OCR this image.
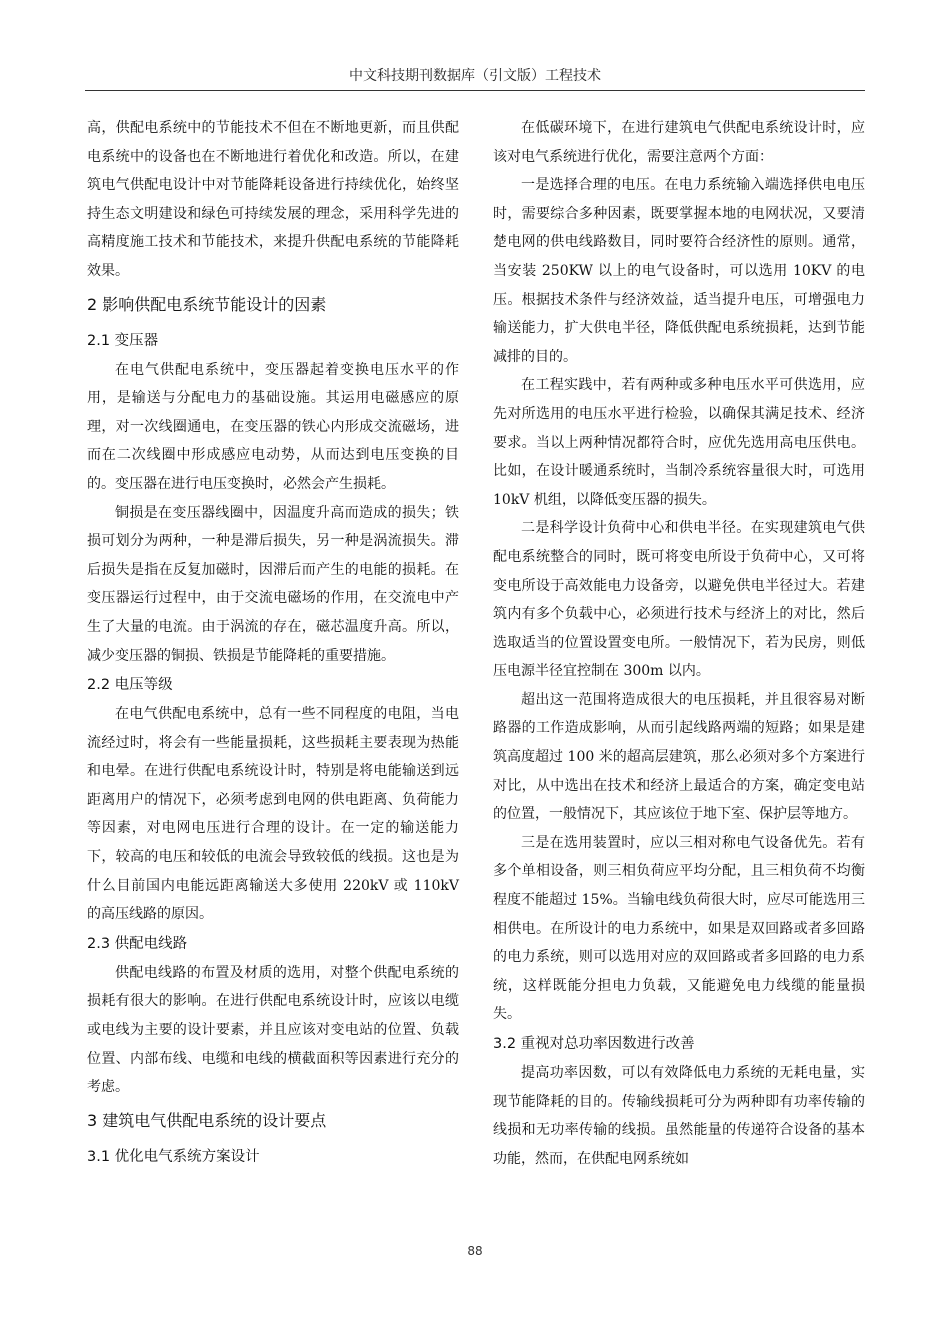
中文科技期刊数据库（引文版）工程技术

高，供配电系统中的节能技术不但在不断地更新，而且供配电系统中的设备也在不断地进行着优化和改造。所以，在建筑电气供配电设计中对节能降耗设备进行持续优化，始终坚持生态文明建设和绿色可持续发展的理念，采用科学先进的高精度施工技术和节能技术，来提升供配电系统的节能降耗效果。

2 影响供配电系统节能设计的因素
2.1 变压器

在电气供配电系统中，变压器起着变换电压水平的作用，是输送与分配电力的基础设施。其运用电磁感应的原理，对一次线圈通电，在变压器的铁心内形成交流磁场，进而在二次线圈中形成感应电动势，从而达到电压变换的目的。变压器在进行电压变换时，必然会产生损耗。

铜损是在变压器线圈中，因温度升高而造成的损失；铁损可划分为两种，一种是滞后损失，另一种是涡流损失。滞后损失是指在反复加磁时，因滞后而产生的电能的损耗。在变压器运行过程中，由于交流电磁场的作用，在交流电中产生了大量的电流。由于涡流的存在，磁芯温度升高。所以，减少变压器的铜损、铁损是节能降耗的重要措施。

2.2 电压等级

在电气供配电系统中，总有一些不同程度的电阻，当电流经过时，将会有一些能量损耗，这些损耗主要表现为热能和电晕。在进行供配电系统设计时，特别是将电能输送到远距离用户的情况下，必须考虑到电网的供电距离、负荷能力等因素，对电网电压进行合理的设计。在一定的输送能力下，较高的电压和较低的电流会导致较低的线损。这也是为什么目前国内电能远距离输送大多使用 220kV 或 110kV 的高压线路的原因。

2.3 供配电线路

供配电线路的布置及材质的选用，对整个供配电系统的损耗有很大的影响。在进行供配电系统设计时，应该以电缆或电线为主要的设计要素，并且应该对变电站的位置、负载位置、内部布线、电缆和电线的横截面积等因素进行充分的考虑。

3 建筑电气供配电系统的设计要点
3.1 优化电气系统方案设计

在低碳环境下，在进行建筑电气供配电系统设计时，应该对电气系统进行优化，需要注意两个方面：

一是选择合理的电压。在电力系统输入端选择供电电压时，需要综合多种因素，既要掌握本地的电网状况，又要清楚电网的供电线路数目，同时要符合经济性的原则。通常，当安装 250KW 以上的电气设备时，可以选用 10KV 的电压。根据技术条件与经济效益，适当提升电压，可增强电力输送能力，扩大供电半径，降低供配电系统损耗，达到节能减排的目的。

在工程实践中，若有两种或多种电压水平可供选用，应先对所选用的电压水平进行检验，以确保其满足技术、经济要求。当以上两种情况都符合时，应优先选用高电压供电。比如，在设计暖通系统时，当制冷系统容量很大时，可选用 10kV 机组，以降低变压器的损失。

二是科学设计负荷中心和供电半径。在实现建筑电气供配电系统整合的同时，既可将变电所设于负荷中心，又可将变电所设于高效能电力设备旁，以避免供电半径过大。若建筑内有多个负载中心，必须进行技术与经济上的对比，然后选取适当的位置设置变电所。一般情况下，若为民房，则低压电源半径宜控制在 300m 以内。

超出这一范围将造成很大的电压损耗，并且很容易对断路器的工作造成影响，从而引起线路两端的短路；如果是建筑高度超过 100 米的超高层建筑，那么必须对多个方案进行对比，从中选出在技术和经济上最适合的方案，确定变电站的位置，一般情况下，其应该位于地下室、保护层等地方。

三是在选用装置时，应以三相对称电气设备优先。若有多个单相设备，则三相负荷应平均分配，且三相负荷不均衡程度不能超过 15%。当输电线负荷很大时，应尽可能选用三相供电。在所设计的电力系统中，如果是双回路或者多回路的电力系统，则可以选用对应的双回路或者多回路的电力系统，这样既能分担电力负载，又能避免电力线缆的能量损失。

3.2 重视对总功率因数进行改善

提高功率因数，可以有效降低电力系统的无耗电量，实现节能降耗的目的。传输线损耗可分为两种即有功率传输的线损和无功率传输的线损。虽然能量的传递符合设备的基本功能，然而，在供配电网系统如

88
